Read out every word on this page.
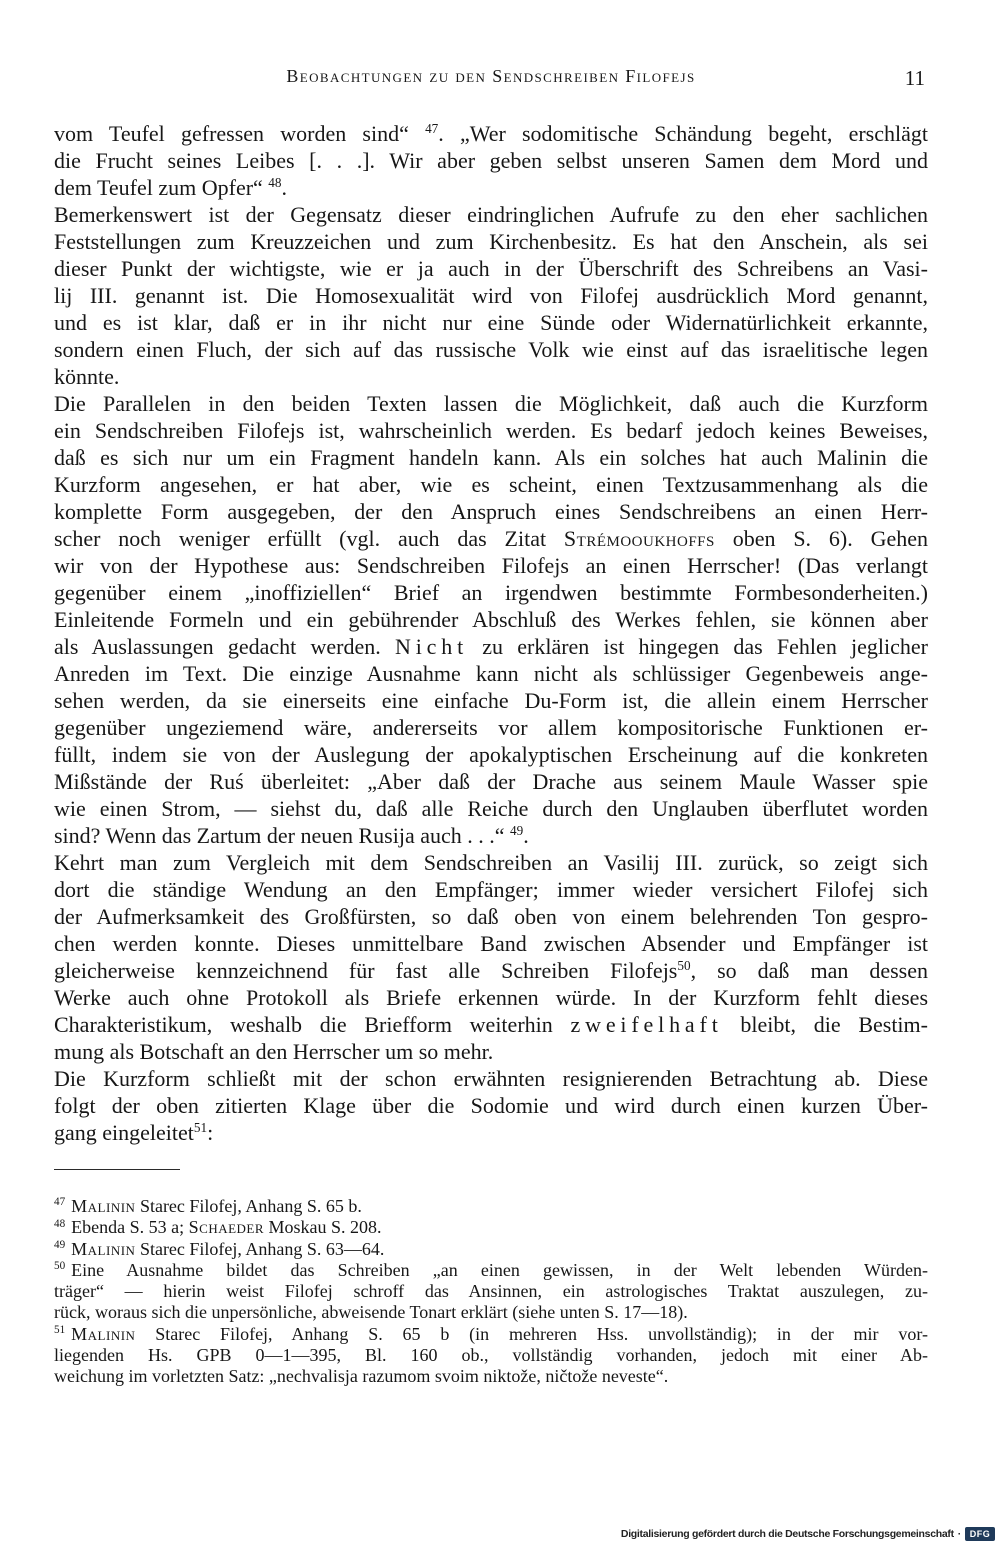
Beobachtungen zu den Sendschreiben Filofejs	11
vom Teufel gefressen worden sind“ $^{47}$. „Wer sodomitische Schändung begeht, erschlägt
die Frucht seines Leibes [. . .]. Wir aber geben selbst unseren Samen dem Mord und
dem Teufel zum Opfer“ $^{48}$.
Bemerkenswert ist der Gegensatz dieser eindringlichen Aufrufe zu den eher sachlichen
Feststellungen zum Kreuzzeichen und zum Kirchenbesitz. Es hat den Anschein, als sei
dieser Punkt der wichtigste, wie er ja auch in der Überschrift des Schreibens an Vasi-
lij III. genannt ist. Die Homosexualität wird von Filofej ausdrücklich Mord genannt,
und es ist klar, daß er in ihr nicht nur eine Sünde oder Widernatürlichkeit erkannte,
sondern einen Fluch, der sich auf das russische Volk wie einst auf das israelitische legen
könnte.
Die Parallelen in den beiden Texten lassen die Möglichkeit, daß auch die Kurzform
ein Sendschreiben Filofejs ist, wahrscheinlich werden. Es bedarf jedoch keines Beweises,
daß es sich nur um ein Fragment handeln kann. Als ein solches hat auch Malinin die
Kurzform angesehen, er hat aber, wie es scheint, einen Textzusammenhang als die
komplette Form ausgegeben, der den Anspruch eines Sendschreibens an einen Herr-
scher noch weniger erfüllt (vgl. auch das Zitat Strémooukhoffs oben S. 6). Gehen
wir von der Hypothese aus: Sendschreiben Filofejs an einen Herrscher! (Das verlangt
gegenüber einem „inoffiziellen“ Brief an irgendwen bestimmte Formbesonderheiten.)
Einleitende Formeln und ein gebührender Abschluß des Werkes fehlen, sie können aber
als Auslassungen gedacht werden. Nicht zu erklären ist hingegen das Fehlen jeglicher
Anreden im Text. Die einzige Ausnahme kann nicht als schlüssiger Gegenbeweis ange-
sehen werden, da sie einerseits eine einfache Du-Form ist, die allein einem Herrscher
gegenüber ungeziemend wäre, andererseits vor allem kompositorische Funktionen er-
füllt, indem sie von der Auslegung der apokalyptischen Erscheinung auf die konkreten
Mißstände der Ruś überleitet: „Aber daß der Drache aus seinem Maule Wasser spie
wie einen Strom, — siehst du, daß alle Reiche durch den Unglauben überflutet worden
sind? Wenn das Zartum der neuen Rusija auch . . .“ $^{49}$.
Kehrt man zum Vergleich mit dem Sendschreiben an Vasilij III. zurück, so zeigt sich
dort die ständige Wendung an den Empfänger; immer wieder versichert Filofej sich
der Aufmerksamkeit des Großfürsten, so daß oben von einem belehrenden Ton gespro-
chen werden konnte. Dieses unmittelbare Band zwischen Absender und Empfänger ist
gleicherweise kennzeichnend für fast alle Schreiben Filofejs$^{50}$, so daß man dessen
Werke auch ohne Protokoll als Briefe erkennen würde. In der Kurzform fehlt dieses
Charakteristikum, weshalb die Briefform weiterhin zweifelhaft bleibt, die Bestim-
mung als Botschaft an den Herrscher um so mehr.
Die Kurzform schließt mit der schon erwähnten resignierenden Betrachtung ab. Diese
folgt der oben zitierten Klage über die Sodomie und wird durch einen kurzen Über-
gang eingeleitet$^{51}$:
$^{47}$ Malinin Starec Filofej, Anhang S. 65 b.
$^{48}$ Ebenda S. 53 a; Schaeder Moskau S. 208.
$^{49}$ Malinin Starec Filofej, Anhang S. 63—64.
$^{50}$ Eine Ausnahme bildet das Schreiben „an einen gewissen, in der Welt lebenden Würden-
träger“ — hierin weist Filofej schroff das Ansinnen, ein astrologisches Traktat auszulegen, zu-
rück, woraus sich die unpersönliche, abweisende Tonart erklärt (siehe unten S. 17—18).
$^{51}$ Malinin Starec Filofej, Anhang S. 65 b (in mehreren Hss. unvollständig); in der mir vor-
liegenden Hs. GPB 0—1—395, Bl. 160 ob., vollständig vorhanden, jedoch mit einer Ab-
weichung im vorletzten Satz: „nechvalisja razumom svoim niktože, ničtože neveste“.
Digitalisierung gefördert durch die Deutsche Forschungsgemeinschaft · DFG
